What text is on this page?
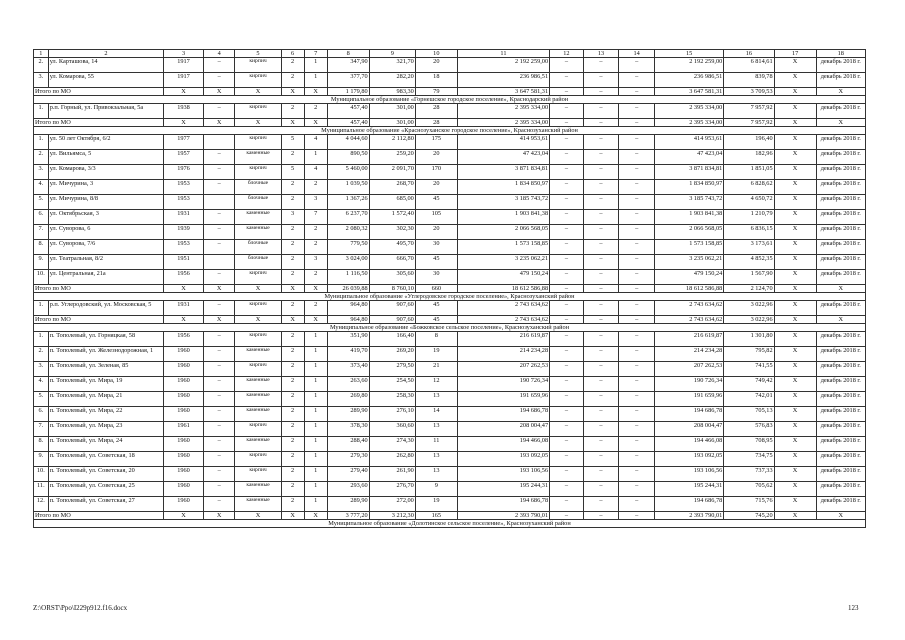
1	2	3	4	5	6	7	8	9	10	11	12	13	14	15	16	17	18
2.	ул. Карташова, 14	1917	–	кирпич	2	1	347,90	321,70	20	2 192 259,00	–	–	–	2 192 259,00	6 814,61	X	декабрь 2018 г.
3.	ул. Комарова, 55	1917	–	кирпич	2	1	377,70	282,20	18	236 986,51	–	–	–	236 986,51	839,78	X	декабрь 2018 г.
Итого по МО		X	X	X	X	X	1 179,80	983,30	79	3 647 581,31	–	–	–	3 647 581,31	3 709,53	X	X
Муниципальное образование «Горнешское городское поселение», Краснодарский район																	
1.	р.п. Горный, ул. Привокзальная, 5а	1938	–	кирпич	2	2	457,40	301,00	28	2 395 334,00	–	–	–	2 395 334,00	7 957,92	X	декабрь 2018 г.
Итого по МО		X	X	X	X	X	457,40	301,00	28	2 395 334,00	–	–	–	2 395 334,00	7 957,92	X	X
Муниципальное образование «Краснозуханское городское поселение», Краснозуханский район																	
1.	ул. 50 лет Октября, 6/2	1977		кирпич	5	4	4 044,60	2 112,80	175	414 953,61	–	–	–	414 953,61	196,40	X	декабрь 2018 г.
2.	ул. Вильямса, 5	1957	–	каменные	2	1	890,50	259,20	20	47 423,04	–	–	–	47 423,04	182,96	X	декабрь 2018 г.
3.	ул. Комарова, 3/3	1976	–	кирпич	5	4	5 460,00	2 091,70	170	3 871 834,81	–	–	–	3 871 834,81	1 851,05	X	декабрь 2018 г.
4.	ул. Мичурина, 3	1953	–	блочные	2	2	1 039,50	268,70	20	1 834 850,97	–	–	–	1 834 850,97	6 828,62	X	декабрь 2018 г.
5.	ул. Мичурина, 8/8	1953		блочные	2	3	1 367,26	685,00	45	3 185 743,72	–	–	–	3 185 743,72	4 650,72	X	декабрь 2018 г.
6.	ул. Октябрьская, 3	1931	–	каменные	3	7	6 237,70	1 572,40	105	1 903 841,38	–	–	–	1 903 841,38	1 210,79	X	декабрь 2018 г.
7.	ул. Суворова, 6	1939	–	каменные	2	2	2 080,32	302,30	20	2 066 568,05	–	–	–	2 066 568,05	6 836,15	X	декабрь 2018 г.
8.	ул. Суворова, 7/6	1953	–	блочные	2	2	779,50	495,70	30	1 573 158,85	–	–	–	1 573 158,85	3 173,61	X	декабрь 2018 г.
9.	ул. Театральная, 8/2	1951		блочные	2	3	3 024,00	666,70	45	3 235 062,21	–	–	–	3 235 062,21	4 852,35	X	декабрь 2018 г.
10.	ул. Центральная, 21а	1956	–	кирпич	2	2	1 116,50	305,60	30	479 150,24	–	–	–	479 150,24	1 567,90	X	декабрь 2018 г.
Итого по МО		X	X	X	X	X	26 039,88	8 760,10	660	18 612 586,88	–	–	–	18 612 586,88	2 124,70	X	X
Муниципальное образование «Углеродовское городское поселение», Краснозуханский район																	
1.	р.п. Углеродовский, ул. Московская, 5	1931	–	кирпич	2	2	964,80	907,60	45	2 743 634,62	–	–	–	2 743 634,62	3 022,96	X	декабрь 2018 г.
Итого по МО		X	X	X	X	X	964,80	907,60	45	2 743 634,62	–	–	–	2 743 634,62	3 022,96	X	X
Муниципальное образование «Божковское сельское поселение», Краснозуханский район																	
1.	п. Тополевый, ул. Горняцкая, 58	1956	–	кирпич	2	1	351,90	166,40	8	216 619,87	–	–	–	216 619,87	1 301,80	X	декабрь 2018 г.
2.	п. Тополевый, ул. Железнодорожная, 1	1960	–	каменные	2	1	419,70	269,20	19	214 234,28	–	–	–	214 234,28	795,82	X	декабрь 2018 г.
3.	п. Тополевый, ул. Зеленая, 85	1960	–	кирпич	2	1	373,40	279,50	21	207 262,53	–	–	–	207 262,53	741,55	X	декабрь 2018 г.
4.	п. Тополевый, ул. Мира, 19	1960	–	каменные	2	1	263,60	254,50	12	190 726,34	–	–	–	190 726,34	749,42	X	декабрь 2018 г.
5.	п. Тополевый, ул. Мира, 21	1960	–	каменные	2	1	269,80	258,30	13	191 659,96	–	–	–	191 659,96	742,01	X	декабрь 2018 г.
6.	п. Тополевый, ул. Мира, 22	1960	–	каменные	2	1	289,90	276,10	14	194 686,78	–	–	–	194 686,78	705,13	X	декабрь 2018 г.
7.	п. Тополевый, ул. Мира, 23	1961	–	кирпич	2	1	378,30	360,60	13	208 004,47	–	–	–	208 004,47	576,83	X	декабрь 2018 г.
8.	п. Тополевый, ул. Мира, 24	1960	–	каменные	2	1	288,40	274,30	11	194 466,08	–	–	–	194 466,08	708,95	X	декабрь 2018 г.
9.	п. Тополевый, ул. Советская, 18	1960	–	кирпич	2	1	279,30	262,80	13	193 092,05	–	–	–	193 092,05	734,75	X	декабрь 2018 г.
10.	п. Тополевый, ул. Советская, 20	1960	–	кирпич	2	1	279,40	261,90	13	193 106,56	–	–	–	193 106,56	737,33	X	декабрь 2018 г.
11.	п. Тополевый, ул. Советская, 25	1960	–	каменные	2	1	293,60	276,70	9	195 244,31	–	–	–	195 244,31	705,62	X	декабрь 2018 г.
12.	п. Тополевый, ул. Советская, 27	1960	–	каменные	2	1	289,90	272,00	19	194 686,78	–	–	–	194 686,78	715,76	X	декабрь 2018 г.
Итого по МО		X	X	X	X	X	3 777,20	3 212,30	165	2 393 790,01	–	–	–	2 393 790,01	745,20	X	X
Муниципальное образование «Долотинское сельское поселение», Краснозуханский район																	
Z:\ORST\Ppo\I229p912.f16.docx	123
